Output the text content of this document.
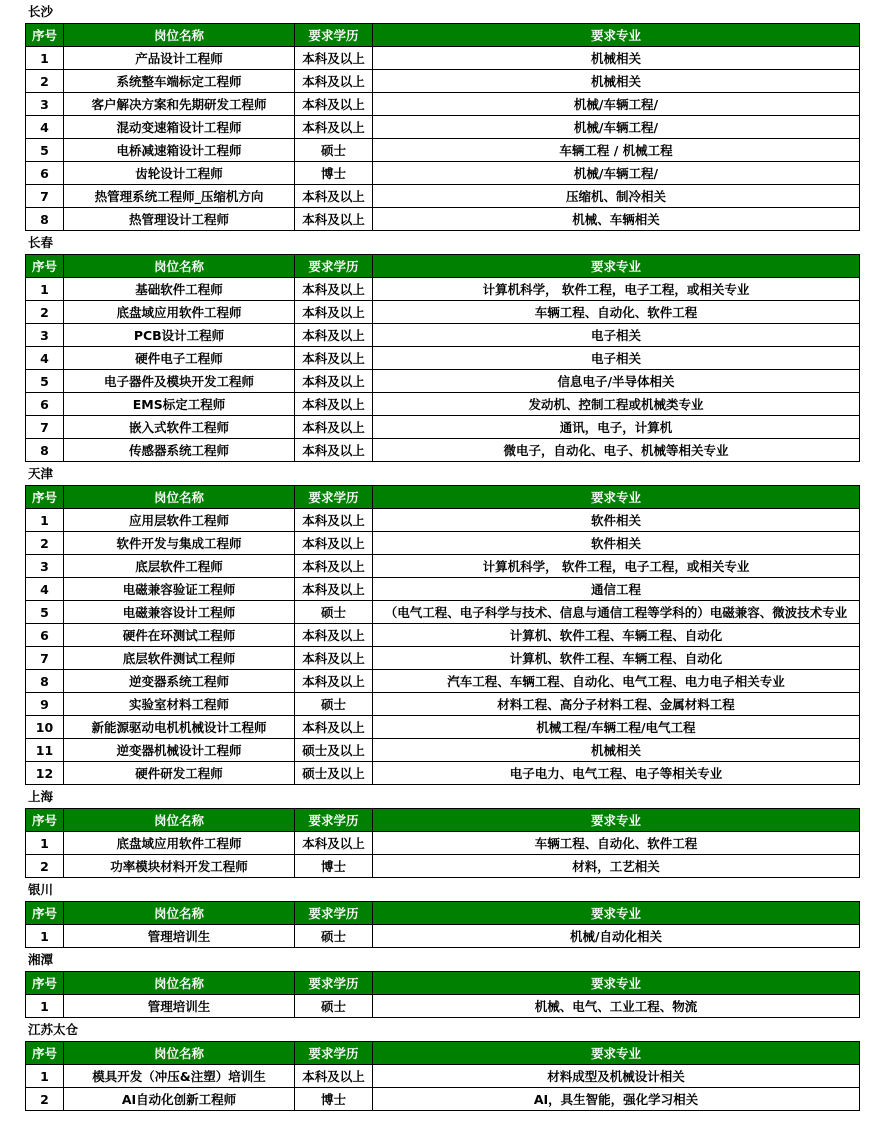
长沙
序号	岗位名称	要求学历	要求专业
1	产品设计工程师	本科及以上	机械相关
2	系统整车端标定工程师	本科及以上	机械相关
3	客户解决方案和先期研发工程师	本科及以上	机械/车辆工程/
4	混动变速箱设计工程师	本科及以上	机械/车辆工程/
5	电桥减速箱设计工程师	硕士	车辆工程 / 机械工程
6	齿轮设计工程师	博士	机械/车辆工程/
7	热管理系统工程师_压缩机方向	本科及以上	压缩机、制冷相关
8	热管理设计工程师	本科及以上	机械、车辆相关
长春
序号	岗位名称	要求学历	要求专业
1	基础软件工程师	本科及以上	计算机科学， 软件工程，电子工程，或相关专业
2	底盘域应用软件工程师	本科及以上	车辆工程、自动化、软件工程
3	PCB设计工程师	本科及以上	电子相关
4	硬件电子工程师	本科及以上	电子相关
5	电子器件及模块开发工程师	本科及以上	信息电子/半导体相关
6	EMS标定工程师	本科及以上	发动机、控制工程或机械类专业
7	嵌入式软件工程师	本科及以上	通讯，电子，计算机
8	传感器系统工程师	本科及以上	微电子，自动化、电子、机械等相关专业
天津
序号	岗位名称	要求学历	要求专业
1	应用层软件工程师	本科及以上	软件相关
2	软件开发与集成工程师	本科及以上	软件相关
3	底层软件工程师	本科及以上	计算机科学， 软件工程，电子工程，或相关专业
4	电磁兼容验证工程师	本科及以上	通信工程
5	电磁兼容设计工程师	硕士	（电气工程、电子科学与技术、信息与通信工程等学科的）电磁兼容、微波技术专业
6	硬件在环测试工程师	本科及以上	计算机、软件工程、车辆工程、自动化
7	底层软件测试工程师	本科及以上	计算机、软件工程、车辆工程、自动化
8	逆变器系统工程师	本科及以上	汽车工程、车辆工程、自动化、电气工程、电力电子相关专业
9	实验室材料工程师	硕士	材料工程、高分子材料工程、金属材料工程
10	新能源驱动电机机械设计工程师	本科及以上	机械工程/车辆工程/电气工程
11	逆变器机械设计工程师	硕士及以上	机械相关
12	硬件研发工程师	硕士及以上	电子电力、电气工程、电子等相关专业
上海
序号	岗位名称	要求学历	要求专业
1	底盘域应用软件工程师	本科及以上	车辆工程、自动化、软件工程
2	功率模块材料开发工程师	博士	材料，工艺相关
银川
序号	岗位名称	要求学历	要求专业
1	管理培训生	硕士	机械/自动化相关
湘潭
序号	岗位名称	要求学历	要求专业
1	管理培训生	硕士	机械、电气、工业工程、物流
江苏太仓
序号	岗位名称	要求学历	要求专业
1	模具开发（冲压&注塑）培训生	本科及以上	材料成型及机械设计相关
2	AI自动化创新工程师	博士	AI，具生智能，强化学习相关
